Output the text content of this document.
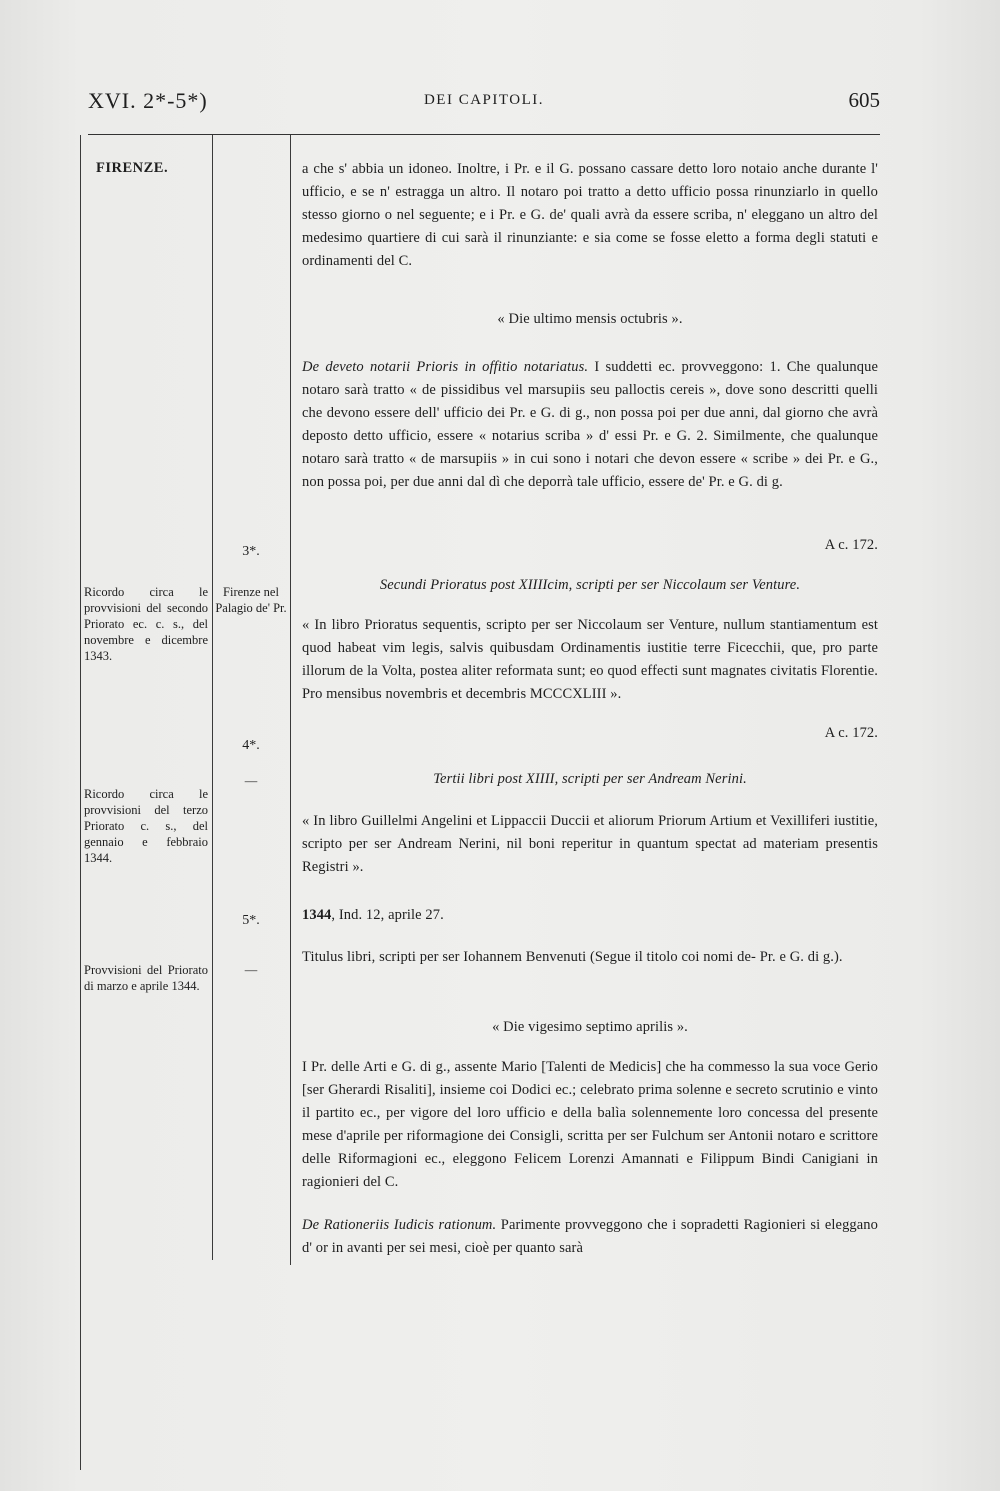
XVI. 2*-5*)	DEI CAPITOLI.	605
FIRENZE.
Ricordo circa le provvisioni del secondo Priorato ec. c. s., del novembre e dicembre 1343.
Ricordo circa le provvisioni del terzo Priorato c. s., del gennaio e febbraio 1344.
Provvisioni del Priorato di marzo e aprile 1344.
3*.
Firenze nel Palagio de' Pr.
4*.
—
5*.
—

a che s' abbia un idoneo. Inoltre, i Pr. e il G. possano cassare detto loro notaio anche durante l' ufficio, e se n' estragga un altro. Il notaro poi tratto a detto ufficio possa rinunziarlo in quello stesso giorno o nel seguente; e i Pr. e G. de' quali avrà da essere scriba, n' eleggano un altro del medesimo quartiere di cui sarà il rinunziante: e sia come se fosse eletto a forma degli statuti e ordinamenti del C.

« Die ultimo mensis octubris ».

De deveto notarii Prioris in offitio notariatus. I suddetti ec. provveggono: 1. Che qualunque notaro sarà tratto « de pissidibus vel marsupiis seu palloctis cereis », dove sono descritti quelli che devono essere dell' ufficio dei Pr. e G. di g., non possa poi per due anni, dal giorno che avrà deposto detto ufficio, essere « notarius scriba » d' essi Pr. e G. 2. Similmente, che qualunque notaro sarà tratto « de marsupiis » in cui sono i notari che devon essere « scribe » dei Pr. e G., non possa poi, per due anni dal dì che deporrà tale ufficio, essere de' Pr. e G. di g.

A c. 172.

Secundi Prioratus post XIIIIcim, scripti per ser Niccolaum ser Venture.

« In libro Prioratus sequentis, scripto per ser Niccolaum ser Venture, nullum stantiamentum est quod habeat vim legis, salvis quibusdam Ordinamentis iustitie terre Ficecchii, que, pro parte illorum de la Volta, postea aliter reformata sunt; eo quod effecti sunt magnates civitatis Florentie. Pro mensibus novembris et decembris MCCCXLIII ».

A c. 172.

Tertii libri post XIIII, scripti per ser Andream Nerini.

« In libro Guillelmi Angelini et Lippaccii Duccii et aliorum Priorum Artium et Vexilliferi iustitie, scripto per ser Andream Nerini, nil boni reperitur in quantum spectat ad materiam presentis Registri ».

1344, Ind. 12, aprile 27.

Titulus libri, scripti per ser Iohannem Benvenuti (Segue il titolo coi nomi de- Pr. e G. di g.).

« Die vigesimo septimo aprilis ».

I Pr. delle Arti e G. di g., assente Mario [Talenti de Medicis] che ha commesso la sua voce Gerio [ser Gherardi Risaliti], insieme coi Dodici ec.; celebrato prima solenne e secreto scrutinio e vinto il partito ec., per vigore del loro ufficio e della balìa solennemente loro concessa del presente mese d'aprile per riformagione dei Consigli, scritta per ser Fulchum ser Antonii notaro e scrittore delle Riformagioni ec., eleggono Felicem Lorenzi Amannati e Filippum Bindi Canigiani in ragionieri del C.

De Rationeriis Iudicis rationum. Parimente provveggono che i sopradetti Ragionieri si eleggano d' or in avanti per sei mesi, cioè per quanto sarà
